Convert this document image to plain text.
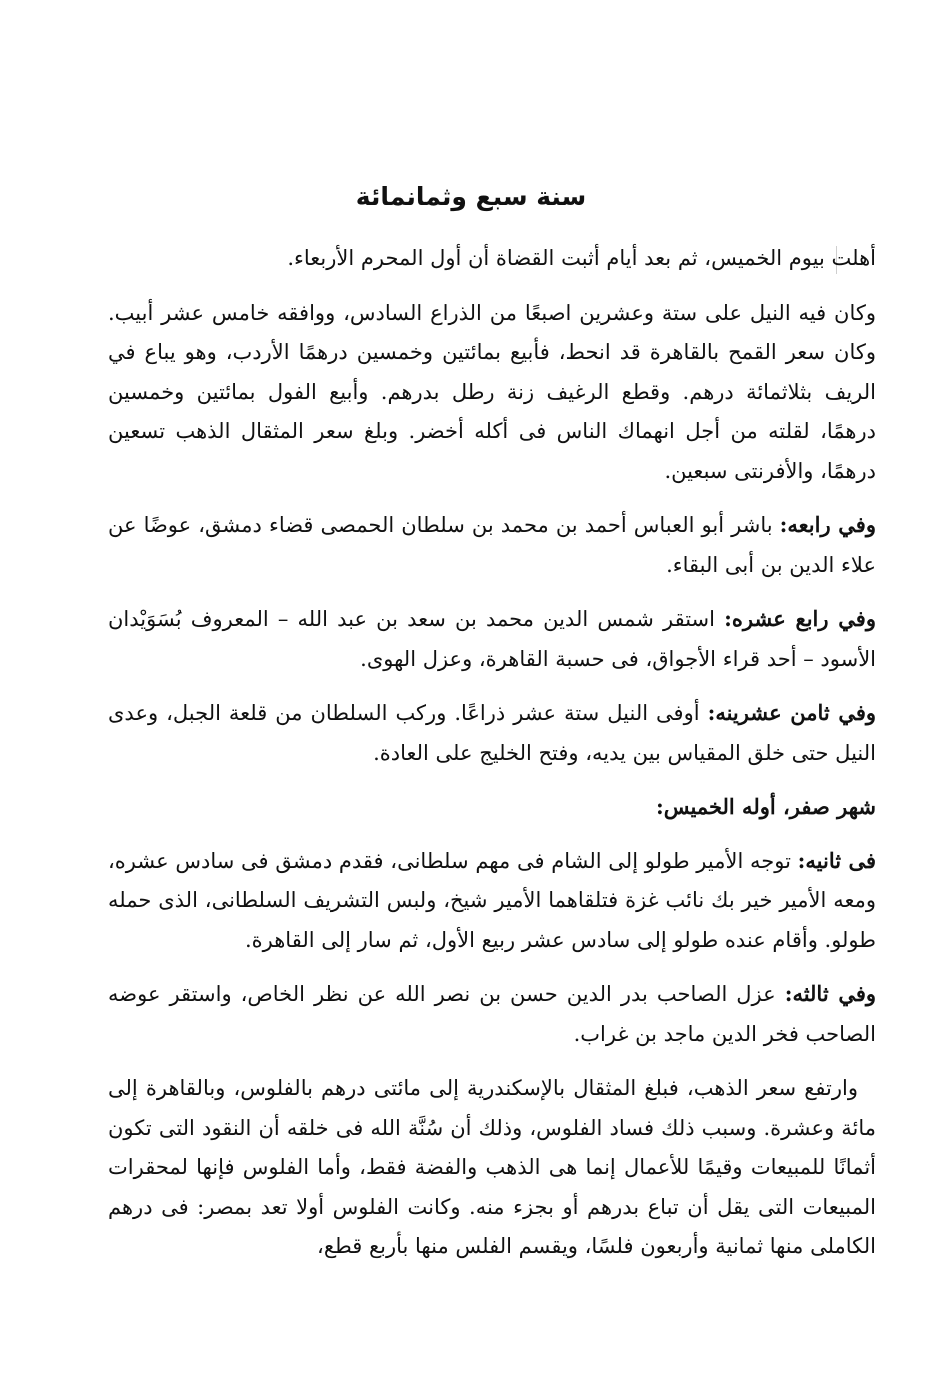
سنة سبع وثمانمائة

أهلت بيوم الخميس، ثم بعد أيام أثبت القضاة أن أول المحرم الأربعاء.

وكان فيه النيل على ستة وعشرين اصبعًا من الذراع السادس، ووافقه خامس عشر أبيب. وكان سعر القمح بالقاهرة قد انحط، فأبيع بمائتين وخمسين درهمًا الأردب، وهو يباع في الريف بثلاثمائة درهم. وقطع الرغيف زنة رطل بدرهم. وأبيع الفول بمائتين وخمسين درهمًا، لقلته من أجل انهماك الناس فى أكله أخضر. وبلغ سعر المثقال الذهب تسعين درهمًا، والأفرنتى سبعين.

وفي رابعه: باشر أبو العباس أحمد بن محمد بن سلطان الحمصى قضاء دمشق، عوضًا عن علاء الدين بن أبى البقاء.

وفي رابع عشره: استقر شمس الدين محمد بن سعد بن عبد الله – المعروف بُسَوَيْدان الأسود – أحد قراء الأجواق، فى حسبة القاهرة، وعزل الهوى.

وفي ثامن عشرينه: أوفى النيل ستة عشر ذراعًا. وركب السلطان من قلعة الجبل، وعدى النيل حتى خلق المقياس بين يديه، وفتح الخليج على العادة.

شهر صفر، أوله الخميس:

فى ثانيه: توجه الأمير طولو إلى الشام فى مهم سلطانى، فقدم دمشق فى سادس عشره، ومعه الأمير خير بك نائب غزة فتلقاهما الأمير شيخ، ولبس التشريف السلطانى، الذى حمله طولو. وأقام عنده طولو إلى سادس عشر ربيع الأول، ثم سار إلى القاهرة.

وفي ثالثه: عزل الصاحب بدر الدين حسن بن نصر الله عن نظر الخاص، واستقر عوضه الصاحب فخر الدين ماجد بن غراب.

وارتفع سعر الذهب، فبلغ المثقال بالإسكندرية إلى مائتى درهم بالفلوس، وبالقاهرة إلى مائة وعشرة. وسبب ذلك فساد الفلوس، وذلك أن سُنَّة الله فى خلقه أن النقود التى تكون أثمانًا للمبيعات وقيمًا للأعمال إنما هى الذهب والفضة فقط، وأما الفلوس فإنها لمحقرات المبيعات التى يقل أن تباع بدرهم أو بجزء منه. وكانت الفلوس أولا تعد بمصر: فى درهم الكاملى منها ثمانية وأربعون فلسًا، ويقسم الفلس منها بأربع قطع،
